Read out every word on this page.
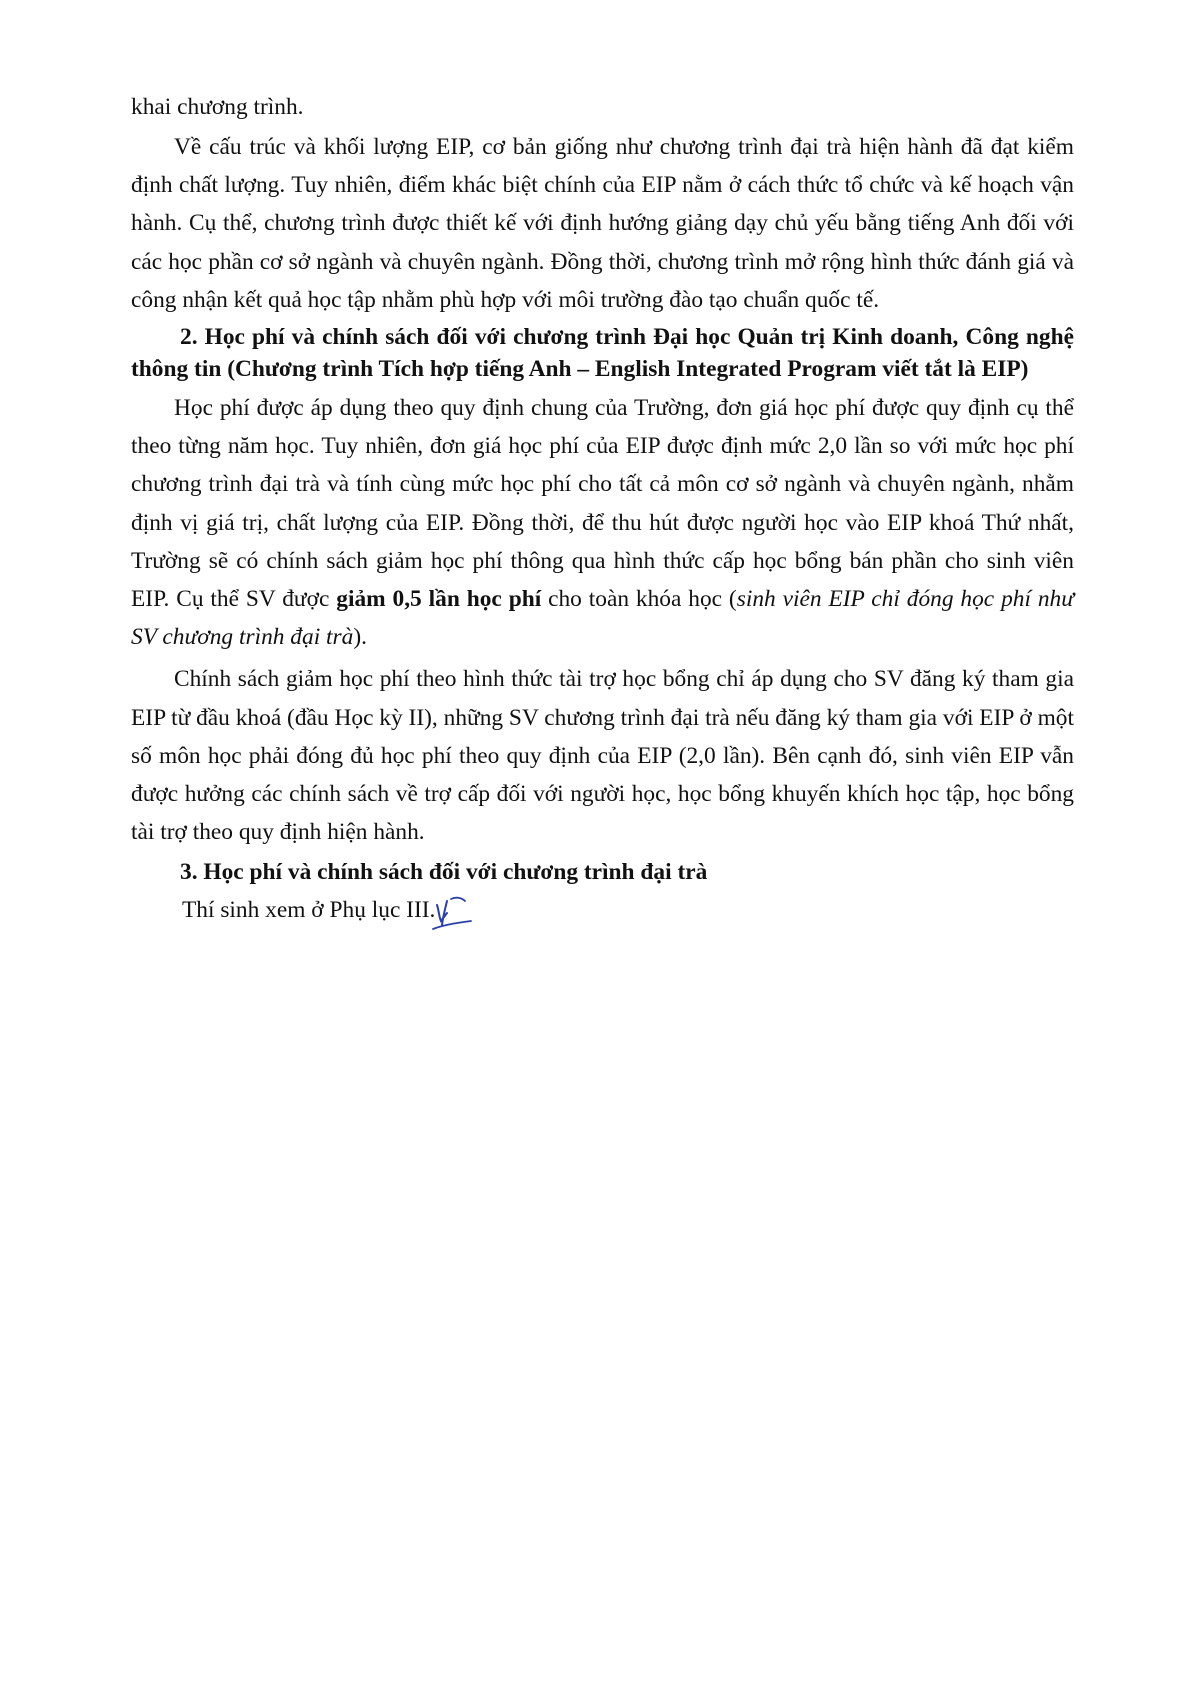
khai chương trình.

Về cấu trúc và khối lượng EIP, cơ bản giống như chương trình đại trà hiện hành đã đạt kiểm định chất lượng. Tuy nhiên, điểm khác biệt chính của EIP nằm ở cách thức tổ chức và kế hoạch vận hành. Cụ thể, chương trình được thiết kế với định hướng giảng dạy chủ yếu bằng tiếng Anh đối với các học phần cơ sở ngành và chuyên ngành. Đồng thời, chương trình mở rộng hình thức đánh giá và công nhận kết quả học tập nhằm phù hợp với môi trường đào tạo chuẩn quốc tế.

2. Học phí và chính sách đối với chương trình Đại học Quản trị Kinh doanh, Công nghệ thông tin (Chương trình Tích hợp tiếng Anh – English Integrated Program viết tắt là EIP)

Học phí được áp dụng theo quy định chung của Trường, đơn giá học phí được quy định cụ thể theo từng năm học. Tuy nhiên, đơn giá học phí của EIP được định mức 2,0 lần so với mức học phí chương trình đại trà và tính cùng mức học phí cho tất cả môn cơ sở ngành và chuyên ngành, nhằm định vị giá trị, chất lượng của EIP. Đồng thời, để thu hút được người học vào EIP khoá Thứ nhất, Trường sẽ có chính sách giảm học phí thông qua hình thức cấp học bổng bán phần cho sinh viên EIP. Cụ thể SV được giảm 0,5 lần học phí cho toàn khóa học (sinh viên EIP chỉ đóng học phí như SV chương trình đại trà).

Chính sách giảm học phí theo hình thức tài trợ học bổng chỉ áp dụng cho SV đăng ký tham gia EIP từ đầu khoá (đầu Học kỳ II), những SV chương trình đại trà nếu đăng ký tham gia với EIP ở một số môn học phải đóng đủ học phí theo quy định của EIP (2,0 lần). Bên cạnh đó, sinh viên EIP vẫn được hưởng các chính sách về trợ cấp đối với người học, học bổng khuyến khích học tập, học bổng tài trợ theo quy định hiện hành.

3. Học phí và chính sách đối với chương trình đại trà

Thí sinh xem ở Phụ lục III.
